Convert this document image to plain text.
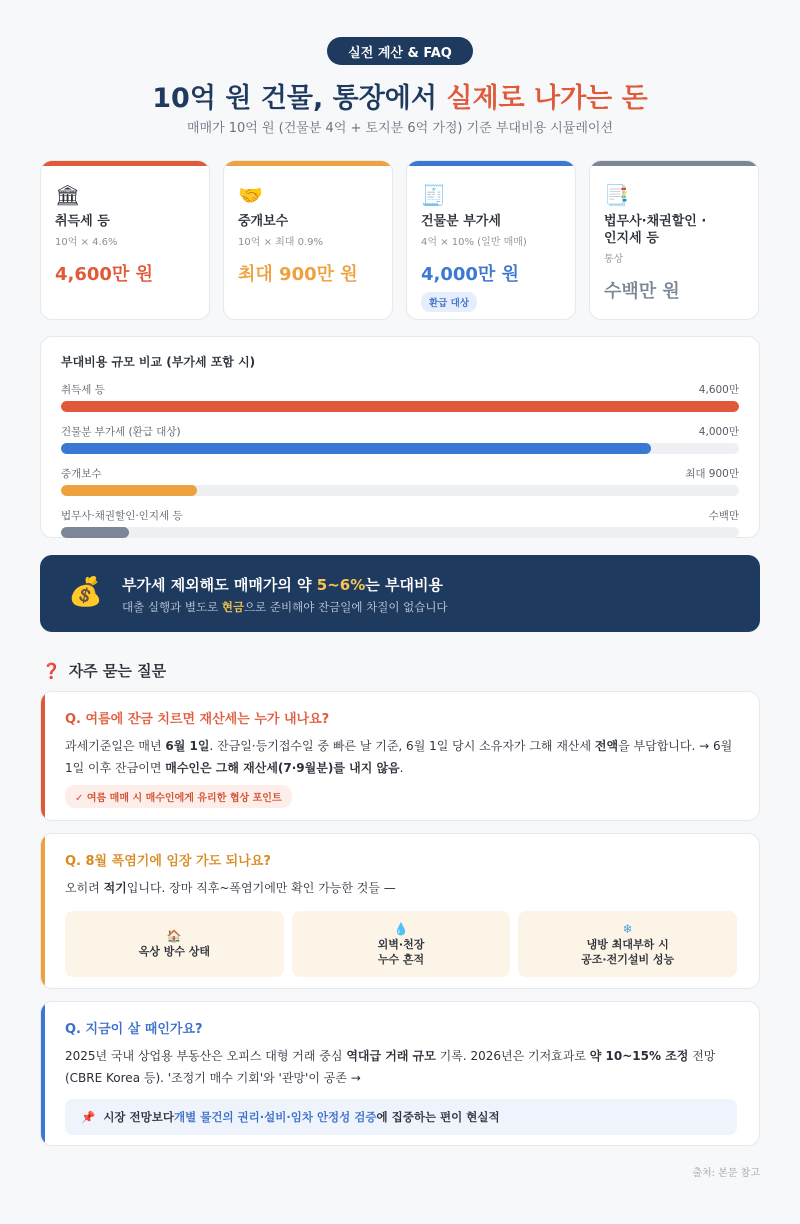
실전 계산 & FAQ
10억 원 건물, 통장에서 실제로 나가는 돈
매매가 10억 원 (건물분 4억 + 토지분 6억 가정) 기준 부대비용 시뮬레이션
🏛
취득세 등
10억 × 4.6%
4,600만 원
🤝
중개보수
10억 × 최대 0.9%
최대 900만 원
🧾
건물분 부가세
4억 × 10% (일반 매매)
4,000만 원
환급 대상
📑
법무사·채권할인 ·인지세 등
통상
수백만 원
부대비용 규모 비교 (부가세 포함 시)
취득세 등	4,600만
건물분 부가세 (환급 대상)	4,000만
중개보수	최대 900만
법무사·채권할인·인지세 등	수백만
💰 부가세 제외해도 매매가의 약 5~6%는 부대비용
대출 실행과 별도로 현금으로 준비해야 잔금일에 차질이 없습니다
❓ 자주 묻는 질문
Q. 여름에 잔금 치르면 재산세는 누가 내나요?
과세기준일은 매년 6월 1일. 잔금일·등기접수일 중 빠른 날 기준, 6월 1일 당시 소유자가 그해 재산세 전액을 부담합니다. → 6월 1일 이후 잔금이면 매수인은 그해 재산세(7·9월분)를 내지 않음.
✓ 여름 매매 시 매수인에게 유리한 협상 포인트
Q. 8월 폭염기에 임장 가도 되나요?
오히려 적기입니다. 장마 직후~폭염기에만 확인 가능한 것들 —
🏠
옥상 방수 상태
💧
외벽·천장
누수 흔적
❄
냉방 최대부하 시
공조·전기설비 성능
Q. 지금이 살 때인가요?
2025년 국내 상업용 부동산은 오피스 대형 거래 중심 역대급 거래 규모 기록. 2026년은 기저효과로 약 10~15% 조정 전망(CBRE Korea 등). '조정기 매수 기회'와 '관망'이 공존 →
📌 시장 전망보다 개별 물건의 권리·설비·임차 안정성 검증 에 집중하는 편이 현실적
출처: 본문 참고
